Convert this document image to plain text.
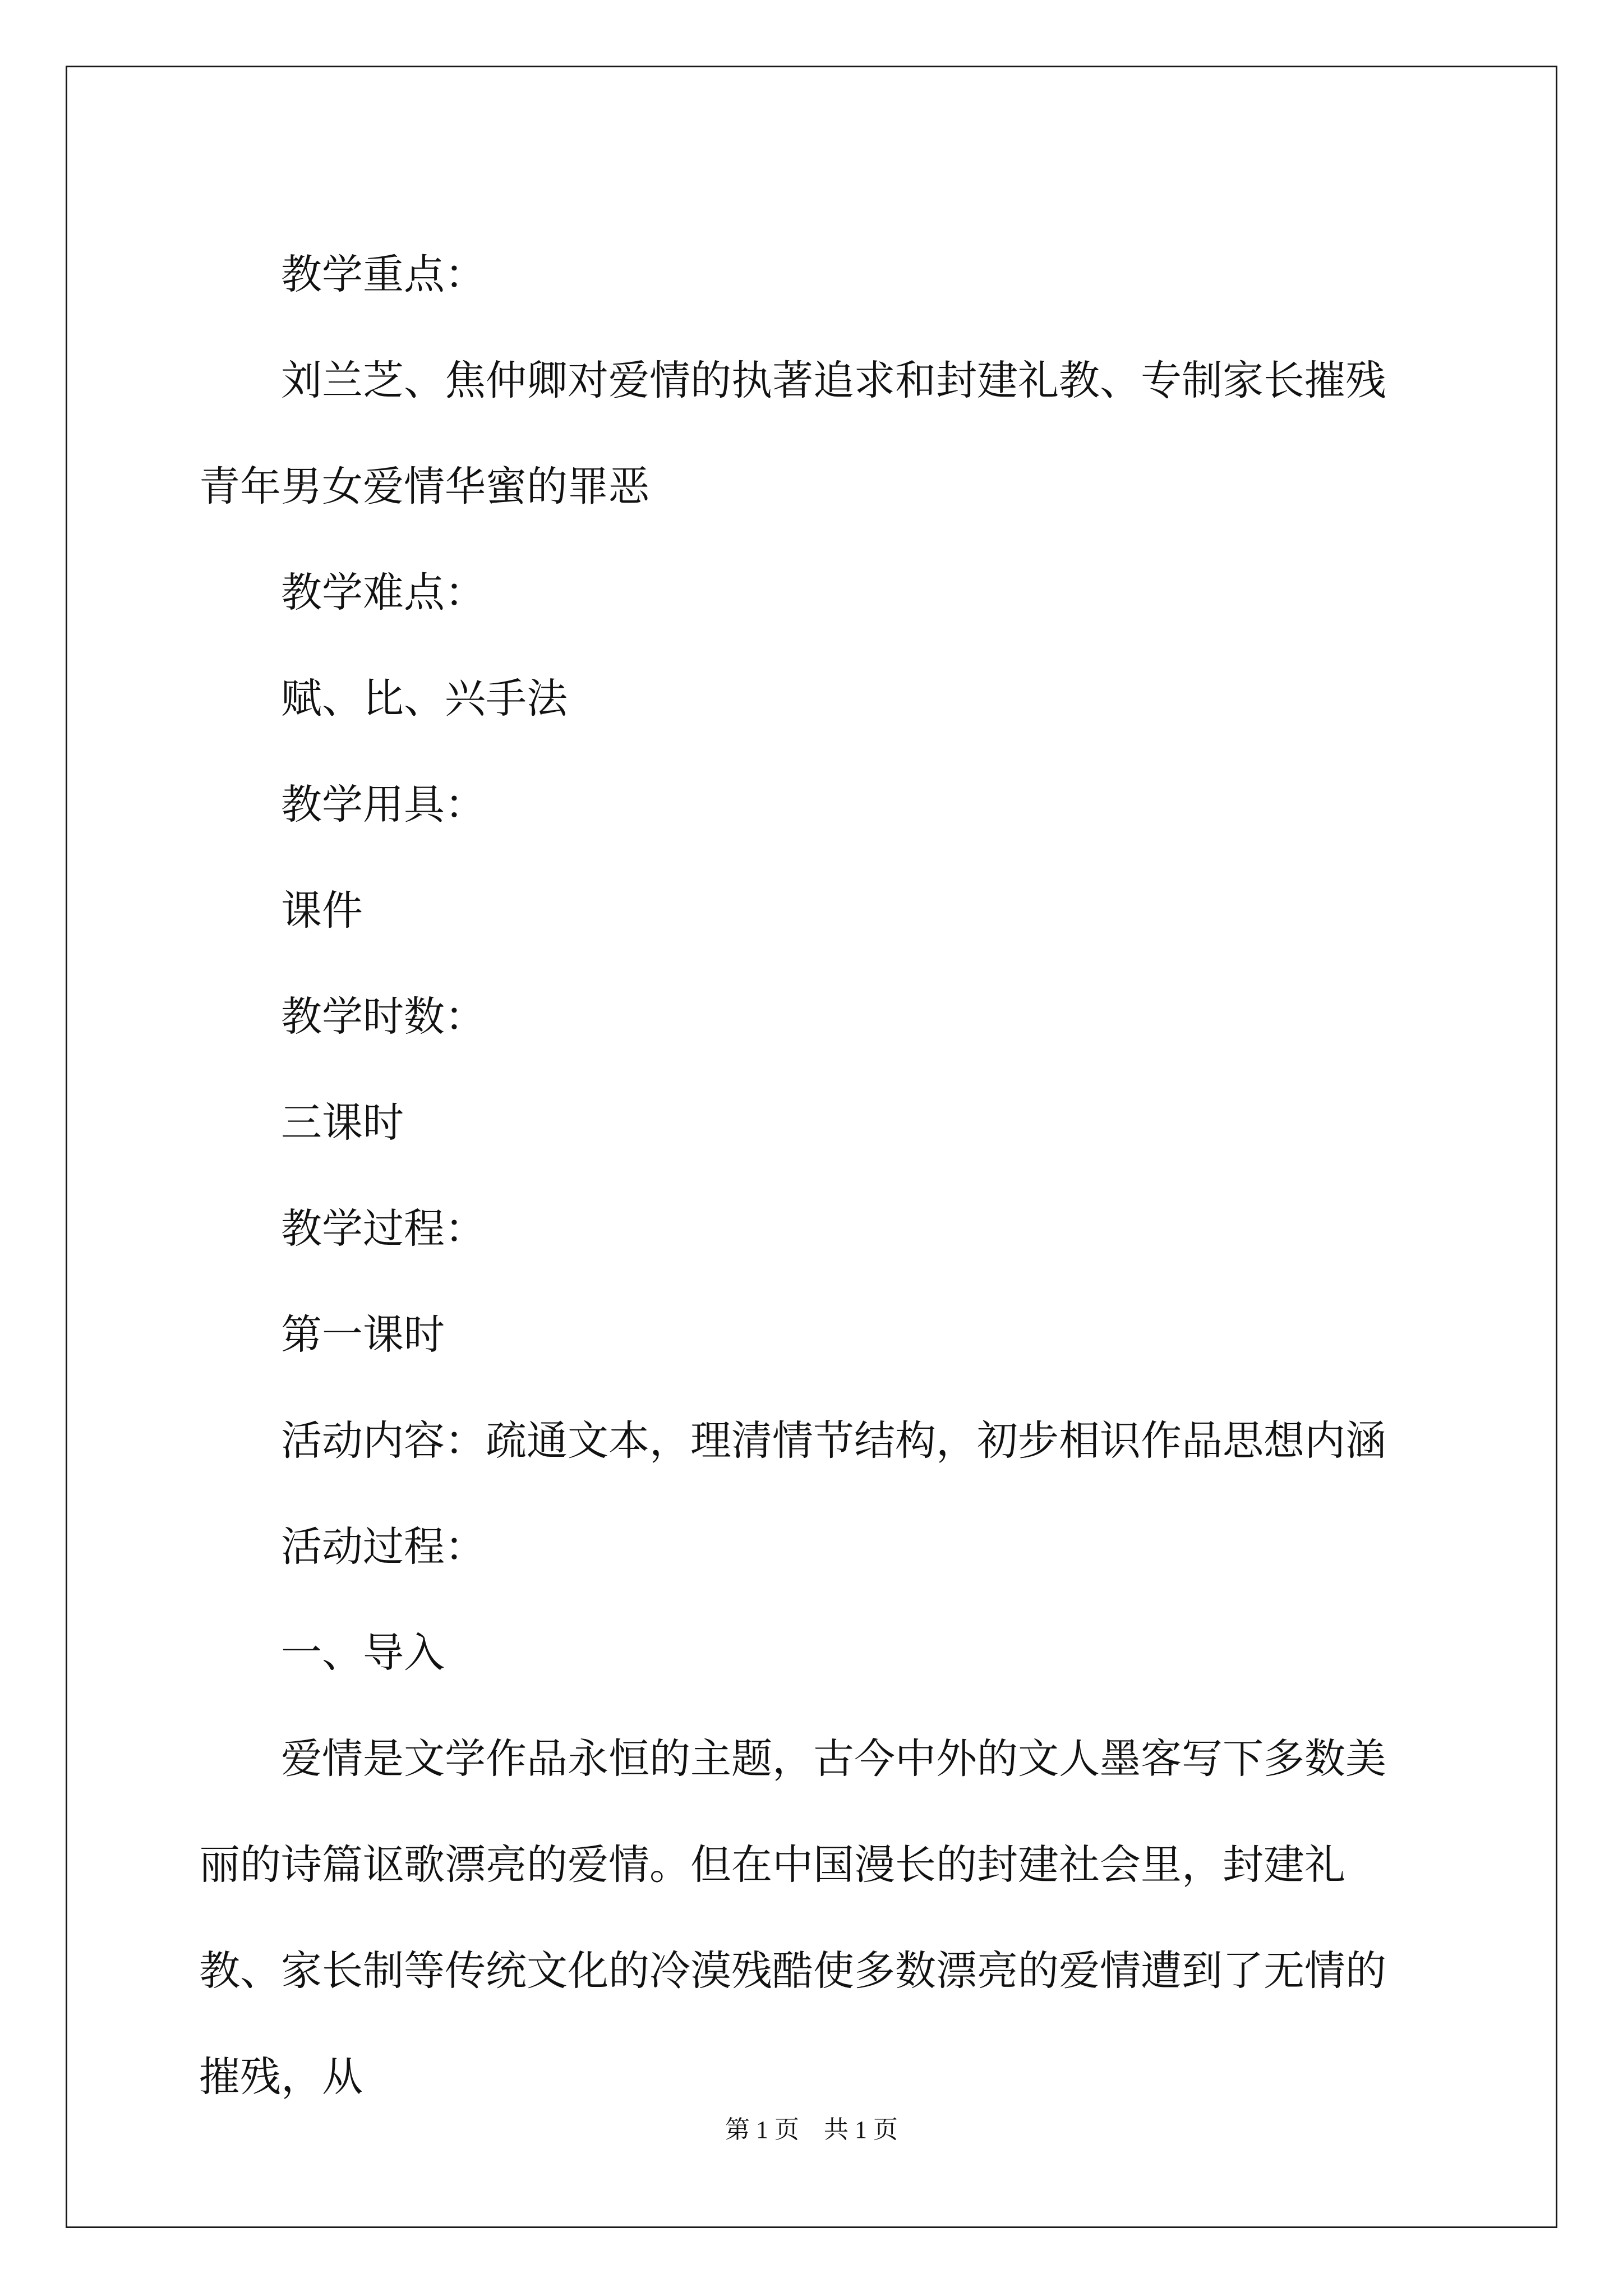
教学重点：

刘兰芝、焦仲卿对爱情的执著追求和封建礼教、专制家长摧残青年男女爱情华蜜的罪恶

教学难点：

赋、比、兴手法

教学用具：

课件

教学时数：

三课时

教学过程：

第一课时

活动内容：疏通文本，理清情节结构，初步相识作品思想内涵

活动过程：

一、导入

爱情是文学作品永恒的主题，古今中外的文人墨客写下多数美丽的诗篇讴歌漂亮的爱情。但在中国漫长的封建社会里，封建礼教、家长制等传统文化的冷漠残酷使多数漂亮的爱情遭到了无情的摧残，从

第 1 页    共 1 页
